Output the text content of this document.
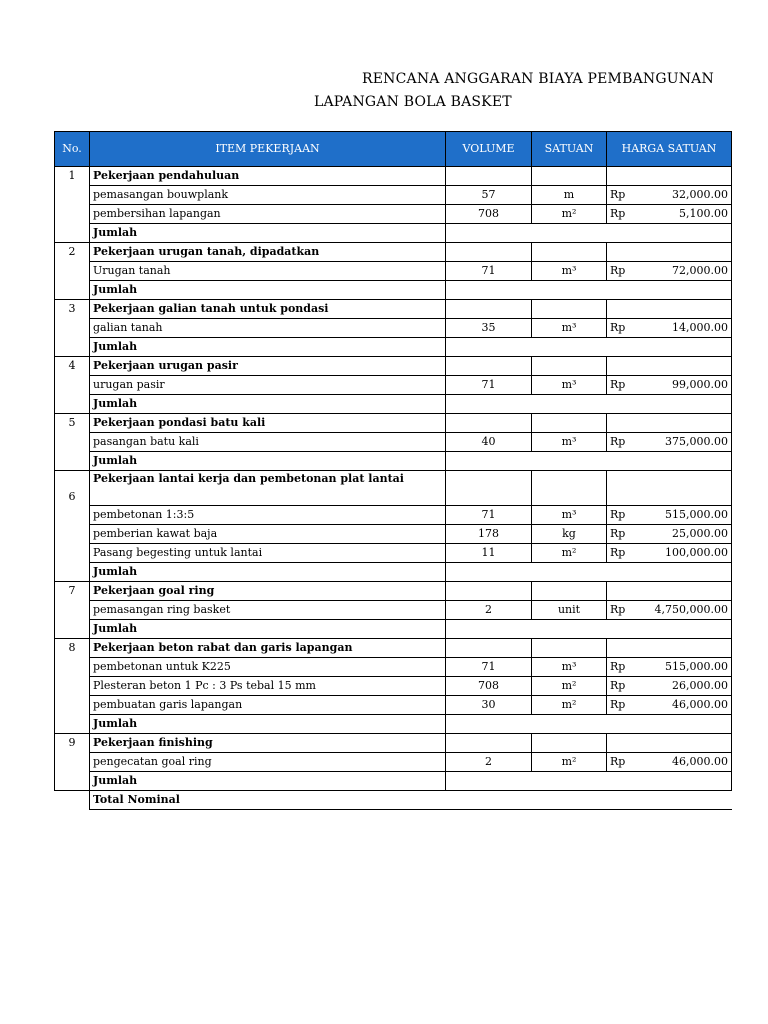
RENCANA ANGGARAN BIAYA PEMBANGUNAN
LAPANGAN BOLA BASKET
No.	ITEM PEKERJAAN	VOLUME	SATUAN	HARGA SATUAN
1	Pekerjaan pendahuluan			
	pemasangan bouwplank	57	m	Rp 32,000.00

	pembersihan lapangan	708	m²	Rp 5,100.00

	Jumlah			
2	Pekerjaan urugan tanah, dipadatkan			
	Urugan tanah	71	m³	Rp 72,000.00

	Jumlah			
3	Pekerjaan galian tanah untuk pondasi			
	galian tanah	35	m³	Rp 14,000.00

	Jumlah			
4	Pekerjaan urugan pasir			
	urugan pasir	71	m³	Rp 99,000.00

	Jumlah			
5	Pekerjaan pondasi batu kali			
	pasangan batu kali	40	m³	Rp 375,000.00

	Jumlah			
6	Pekerjaan lantai kerja dan pembetonan plat lantai			
	pembetonan 1:3:5	71	m³	Rp 515,000.00

	pemberian kawat baja	178	kg	Rp 25,000.00

	Pasang begesting untuk lantai	11	m²	Rp 100,000.00

	Jumlah			
7	Pekerjaan goal ring			
	pemasangan ring basket	2	unit	Rp 4,750,000.00

	Jumlah			
8	Pekerjaan beton rabat dan garis lapangan			
	pembetonan untuk K225	71	m³	Rp 515,000.00

	Plesteran beton 1 Pc : 3 Ps tebal 15 mm	708	m²	Rp 26,000.00

	pembuatan garis lapangan	30	m²	Rp 46,000.00

	Jumlah			
9	Pekerjaan finishing			
	pengecatan goal ring	2	m²	Rp 46,000.00

	Jumlah			
	Total Nominal			
